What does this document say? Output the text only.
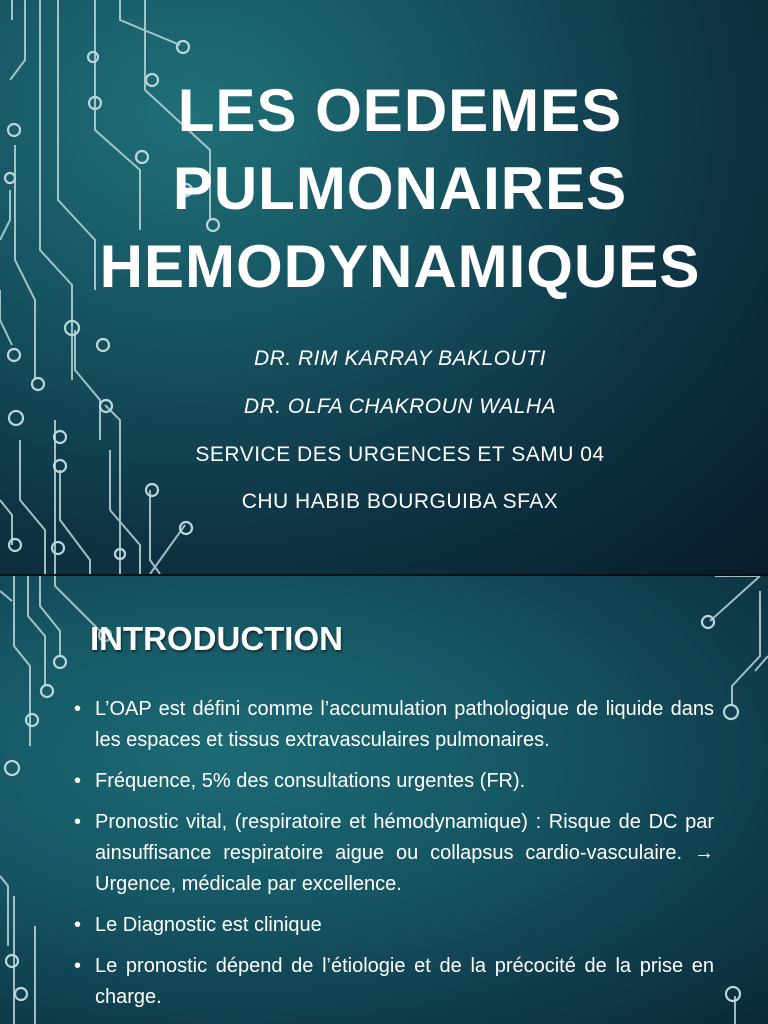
LES OEDEMES
PULMONAIRES
HEMODYNAMIQUES

DR. RIM KARRAY BAKLOUTI

DR. OLFA CHAKROUN WALHA

SERVICE DES URGENCES ET SAMU 04

CHU HABIB BOURGUIBA SFAX

INTRODUCTION
• L’OAP est défini comme l’accumulation pathologique de liquide dans les espaces et tissus extravasculaires pulmonaires.
• Fréquence, 5% des consultations urgentes (FR).
• Pronostic vital, (respiratoire et hémodynamique) : Risque de DC par ainsuffisance respiratoire aigue ou collapsus cardio-vasculaire. → Urgence, médicale par excellence.
• Le Diagnostic est clinique
• Le pronostic dépend de l’étiologie et de la précocité de la prise en charge.
